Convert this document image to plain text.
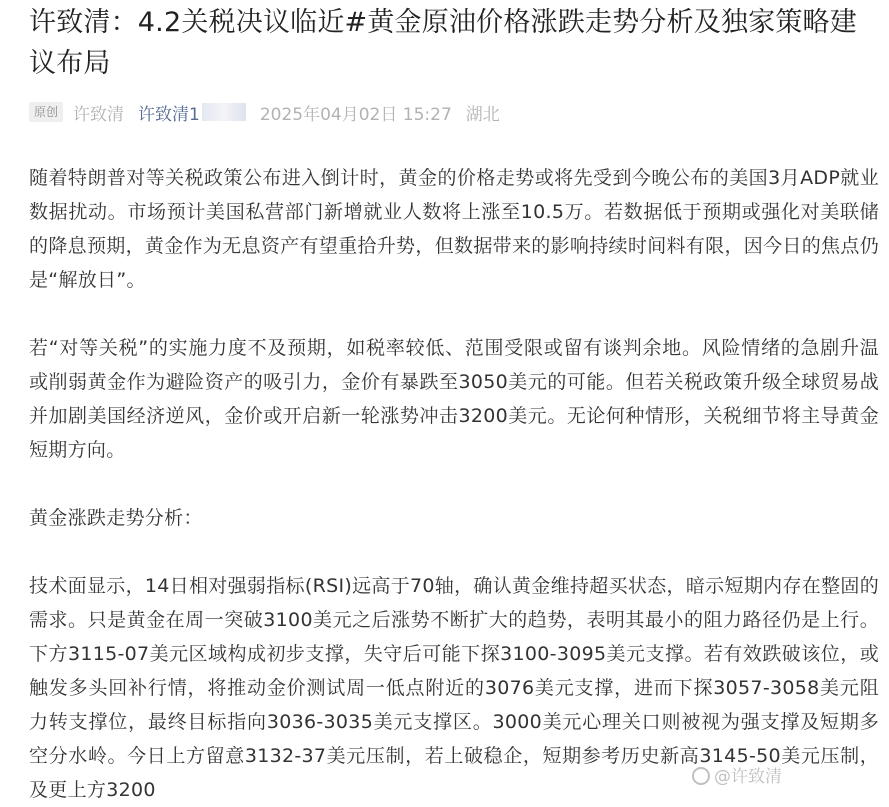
许致清：4.2关税决议临近#黄金原油价格涨跌走势分析及独家策略建议布局
原创 许致清 许致清1	2025年04月02日 15:27 湖北

随着特朗普对等关税政策公布进入倒计时，黄金的价格走势或将先受到今晚公布的美国3月ADP就业数据扰动。市场预计美国私营部门新增就业人数将上涨至10.5万。若数据低于预期或强化对美联储的降息预期，黄金作为无息资产有望重拾升势，但数据带来的影响持续时间料有限，因今日的焦点仍是“解放日”。

若“对等关税”的实施力度不及预期，如税率较低、范围受限或留有谈判余地。风险情绪的急剧升温或削弱黄金作为避险资产的吸引力，金价有暴跌至3050美元的可能。但若关税政策升级全球贸易战并加剧美国经济逆风，金价或开启新一轮涨势冲击3200美元。无论何种情形，关税细节将主导黄金短期方向。

黄金涨跌走势分析：

技术面显示，14日相对强弱指标(RSI)远高于70轴，确认黄金维持超买状态，暗示短期内存在整固的需求。只是黄金在周一突破3100美元之后涨势不断扩大的趋势，表明其最小的阻力路径仍是上行。下方3115-07美元区域构成初步支撑，失守后可能下探3100-3095美元支撑。若有效跌破该位，或触发多头回补行情，将推动金价测试周一低点附近的3076美元支撑，进而下探3057-3058美元阻力转支撑位，最终目标指向3036-3035美元支撑区。3000美元心理关口则被视为强支撑及短期多空分水岭。今日上方留意3132-37美元压制，若上破稳企，短期参考历史新高3145-50美元压制，及更上方3200

@许致清
